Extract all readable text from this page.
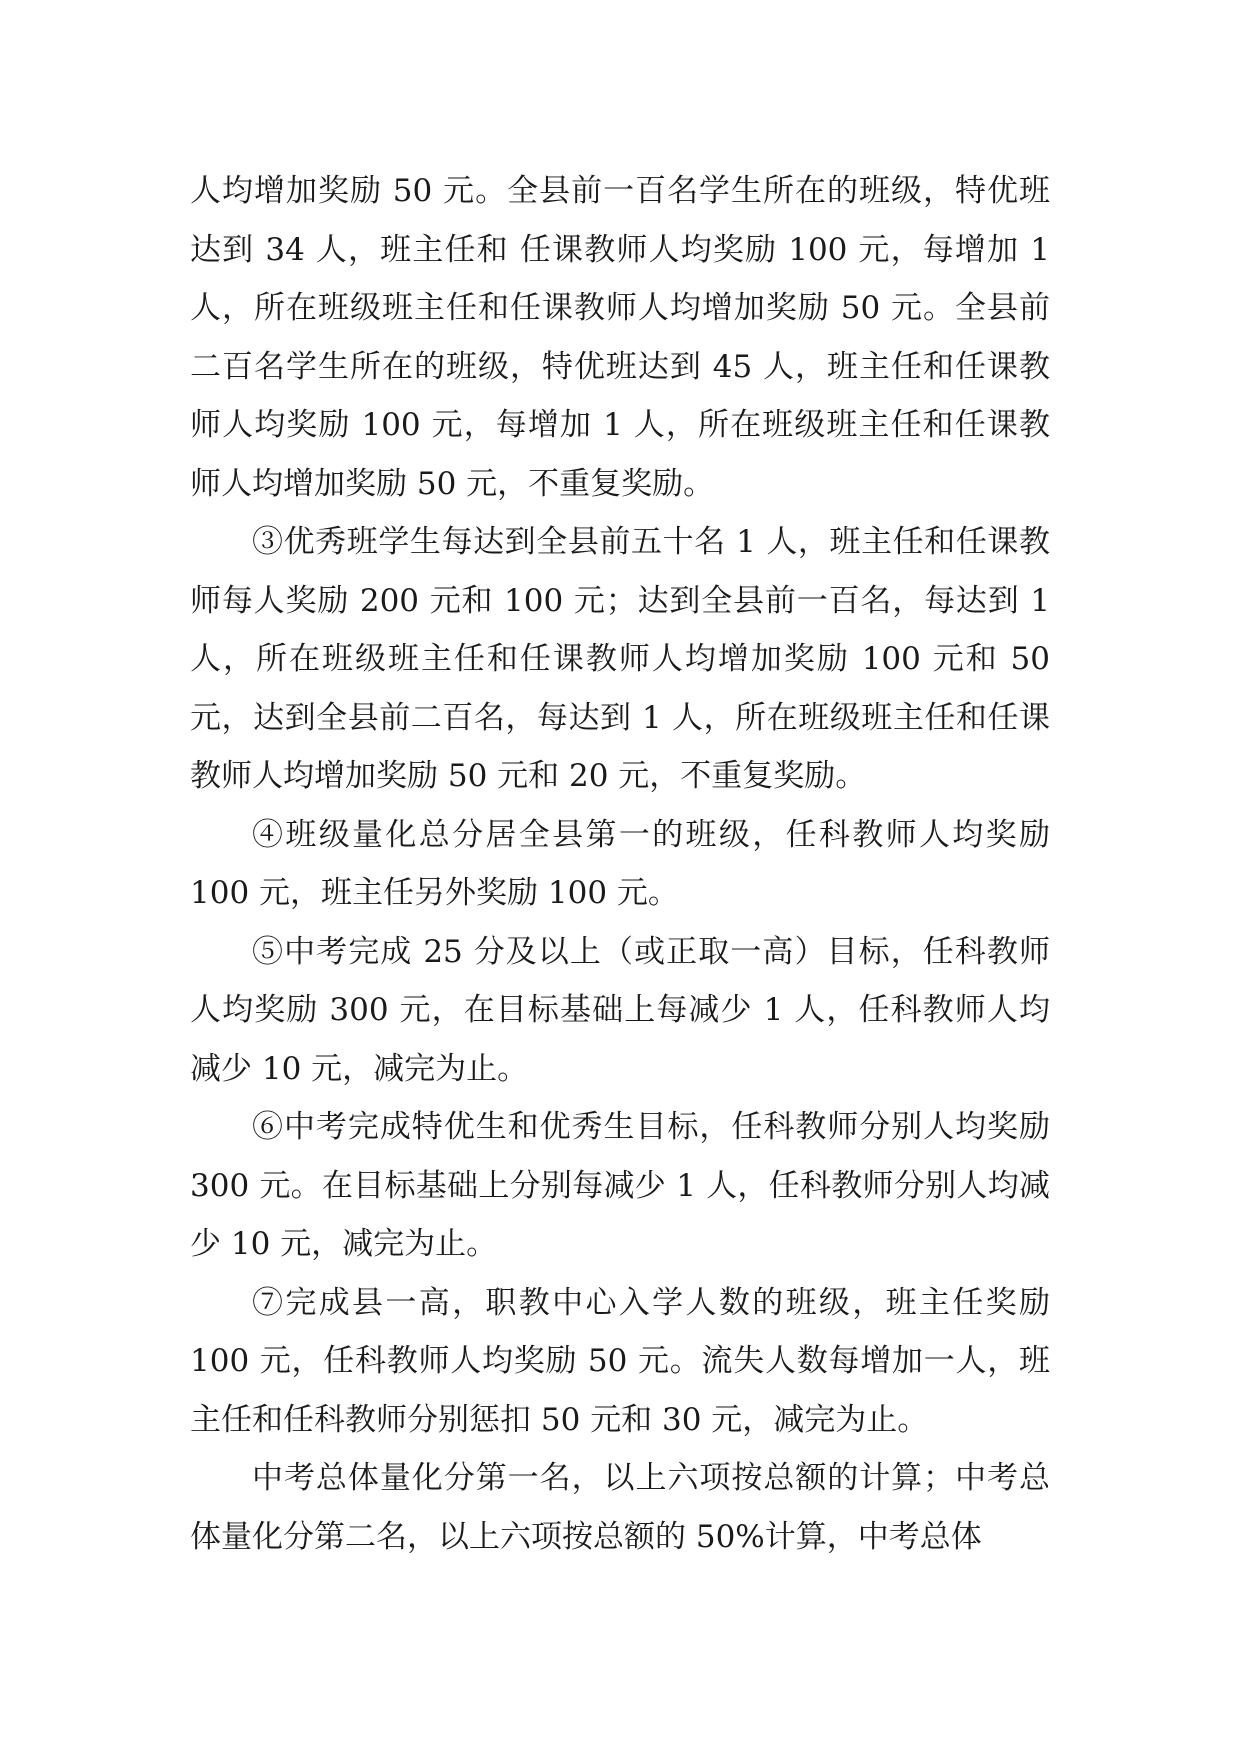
人均增加奖励 50 元。全县前一百名学生所在的班级，特优班达到 34 人，班主任和 任课教师人均奖励 100 元，每增加 1 人，所在班级班主任和任课教师人均增加奖励 50 元。全县前二百名学生所在的班级，特优班达到 45 人，班主任和任课教师人均奖励 100 元，每增加 1 人，所在班级班主任和任课教师人均增加奖励 50 元，不重复奖励。

③优秀班学生每达到全县前五十名 1 人，班主任和任课教师每人奖励 200 元和 100 元；达到全县前一百名，每达到 1 人，所在班级班主任和任课教师人均增加奖励 100 元和 50 元，达到全县前二百名，每达到 1 人，所在班级班主任和任课教师人均增加奖励 50 元和 20 元，不重复奖励。

④班级量化总分居全县第一的班级，任科教师人均奖励 100 元，班主任另外奖励 100 元。

⑤中考完成 25 分及以上（或正取一高）目标，任科教师人均奖励 300 元，在目标基础上每减少 1 人，任科教师人均减少 10 元，减完为止。

⑥中考完成特优生和优秀生目标，任科教师分别人均奖励 300 元。在目标基础上分别每减少 1 人，任科教师分别人均减少 10 元，减完为止。

⑦完成县一高，职教中心入学人数的班级，班主任奖励 100 元，任科教师人均奖励 50 元。流失人数每增加一人，班主任和任科教师分别惩扣 50 元和 30 元，减完为止。

中考总体量化分第一名，以上六项按总额的计算；中考总体量化分第二名，以上六项按总额的 50%计算，中考总体
